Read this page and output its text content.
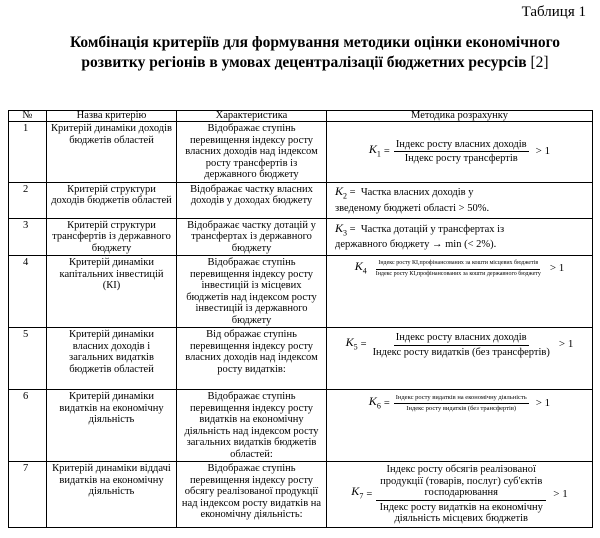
Таблиця 1
Комбінація критеріїв для формування методики оцінки економічного розвитку регіонів в умовах децентралізації бюджетних ресурсів [2]
№	Назва критерію	Характеристика	Методика розрахунку
1	Критерій динаміки доходів бюджетів областей	Відображає ступінь перевищення індексу росту власних доходів над індексом росту трансфертів із державного бюджету	$K_1 = \frac{\text{Індекс росту власних доходів}}{\text{Індекс росту трансфертів}} > 1$

2	Критерій структури доходів бюджетів областей	Відображає частку власних доходів у доходах бюджету	$K_2$ = Частка власних доходів у
зведеному бюджеті області > 50%.

3	Критерій структури трансфертів із державного бюджету	Відображає частку дотацій у трансфертах із державного бюджету	$K_3$ = Частка дотацій у трансфертах із
державного бюджету → min (< 2%).

4	Критерій динаміки капітальних інвестицій (КІ)	Відображає ступінь перевищення індексу росту інвестицій із місцевих бюджетів над індексом росту інвестицій із державного бюджету	$K_4 \frac{\text{Індекс росту КІ,профінансованих за кошти місцевих бюджетів}}{\text{Індекс росту КІ,профінансованих за кошти державного бюджету}} > 1$

5	Критерій динаміки власних доходів і загальних видатків бюджетів областей	Від ображає ступінь перевищення індексу росту власних доходів над індексом росту видатків:	$K_5 = \frac{\text{Індекс росту власних доходів}}{\text{Індекс росту видатків (без трансфертів)}} > 1$

6	Критерій динаміки видатків на економічну діяльність	Відображає ступінь перевищення індексу росту видатків на економічну діяльність над індексом росту загальних видатків бюджетів областей:	$K_6 = \frac{\text{Індекс росту видатків на економічну діяльність}}{\text{Індекс росту видатків (без трансфертів)}} > 1$

7	Критерій динаміки віддачі видатків на економічну діяльність	Відображає ступінь перевищення індексу росту обсягу реалізованої продукції над індексом росту видатків на економічну діяльність:	$K_7$ =
Індекс росту обсягів реалізованої продукції (товарів, послуг) суб'єктів господарювання
Індекс росту видатків на економічну діяльність місцевих бюджетів
> 1
